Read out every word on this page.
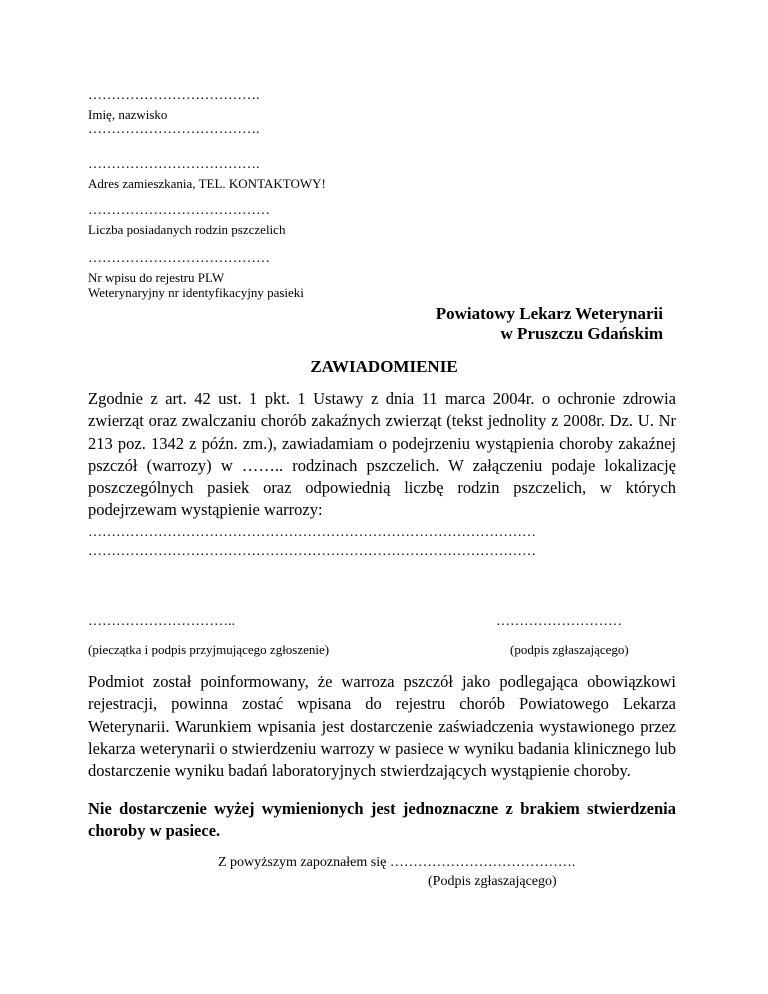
……………………………….
Imię, nazwisko
……………………………….
……………………………….
Adres zamieszkania, TEL. KONTAKTOWY!
…………………………………
Liczba posiadanych rodzin pszczelich
…………………………………
Nr wpisu do rejestru PLW
Weterynaryjny nr identyfikacyjny pasieki
Powiatowy Lekarz Weterynarii
w Pruszczu Gdańskim
ZAWIADOMIENIE
Zgodnie z art. 42 ust. 1 pkt. 1 Ustawy z dnia 11 marca 2004r. o ochronie zdrowia zwierząt oraz zwalczaniu chorób zakaźnych zwierząt (tekst jednolity z 2008r. Dz. U. Nr 213 poz. 1342 z późn. zm.), zawiadamiam o podejrzeniu wystąpienia choroby zakaźnej pszczół (warrozy) w …….. rodzinach pszczelich. W załączeniu podaje lokalizację poszczególnych pasiek oraz odpowiednią liczbę rodzin pszczelich, w których podejrzewam wystąpienie warrozy:
……………………………………………………………………………………
……………………………………………………………………………………
…………………………..	………………………
(pieczątka i podpis przyjmującego zgłoszenie)	(podpis zgłaszającego)
Podmiot został poinformowany, że warroza pszczół jako podlegająca obowiązkowi rejestracji, powinna zostać wpisana do rejestru chorób Powiatowego Lekarza Weterynarii. Warunkiem wpisania jest dostarczenie zaświadczenia wystawionego przez lekarza weterynarii o stwierdzeniu warrozy w pasiece w wyniku badania klinicznego lub dostarczenie wyniku badań laboratoryjnych stwierdzających wystąpienie choroby.
Nie dostarczenie wyżej wymienionych jest jednoznaczne z brakiem stwierdzenia choroby w pasiece.
Z powyższym zapoznałem się ………………………………….
(Podpis zgłaszającego)
